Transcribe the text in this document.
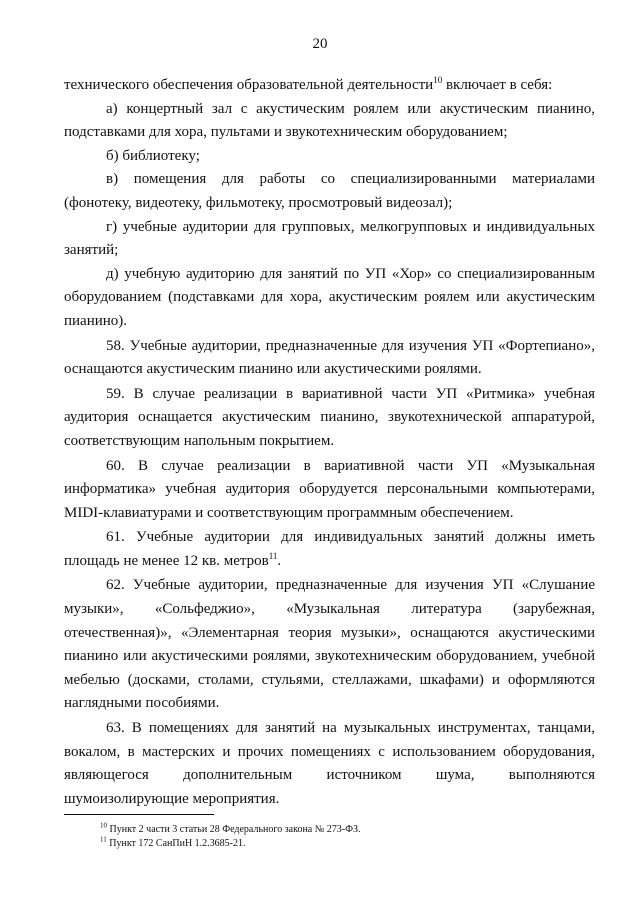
20

технического обеспечения образовательной деятельности$^{10}$ включает в себя:

а) концертный зал с акустическим роялем или акустическим пианино, подставками для хора, пультами и звукотехническим оборудованием;

б) библиотеку;

в) помещения для работы со специализированными материалами (фонотеку, видеотеку, фильмотеку, просмотровый видеозал);

г) учебные аудитории для групповых, мелкогрупповых и индивидуальных занятий;

д) учебную аудиторию для занятий по УП «Хор» со специализированным оборудованием (подставками для хора, акустическим роялем или акустическим пианино).

58. Учебные аудитории, предназначенные для изучения УП «Фортепиано», оснащаются акустическим пианино или акустическими роялями.

59. В случае реализации в вариативной части УП «Ритмика» учебная аудитория оснащается акустическим пианино, звукотехнической аппаратурой, соответствующим напольным покрытием.

60. В случае реализации в вариативной части УП «Музыкальная информатика» учебная аудитория оборудуется персональными компьютерами, MIDI-клавиатурами и соответствующим программным обеспечением.

61. Учебные аудитории для индивидуальных занятий должны иметь площадь не менее 12 кв. метров$^{11}$.

62. Учебные аудитории, предназначенные для изучения УП «Слушание музыки», «Сольфеджио», «Музыкальная литература (зарубежная, отечественная)», «Элементарная теория музыки», оснащаются акустическими пианино или акустическими роялями, звукотехническим оборудованием, учебной мебелью (досками, столами, стульями, стеллажами, шкафами) и оформляются наглядными пособиями.

63. В помещениях для занятий на музыкальных инструментах, танцами, вокалом, в мастерских и прочих помещениях с использованием оборудования, являющегося дополнительным источником шума, выполняются шумоизолирующие мероприятия.

$^{10}$ Пункт 2 части 3 статьи 28 Федерального закона № 273-ФЗ.
$^{11}$ Пункт 172 СанПиН 1.2.3685-21.
